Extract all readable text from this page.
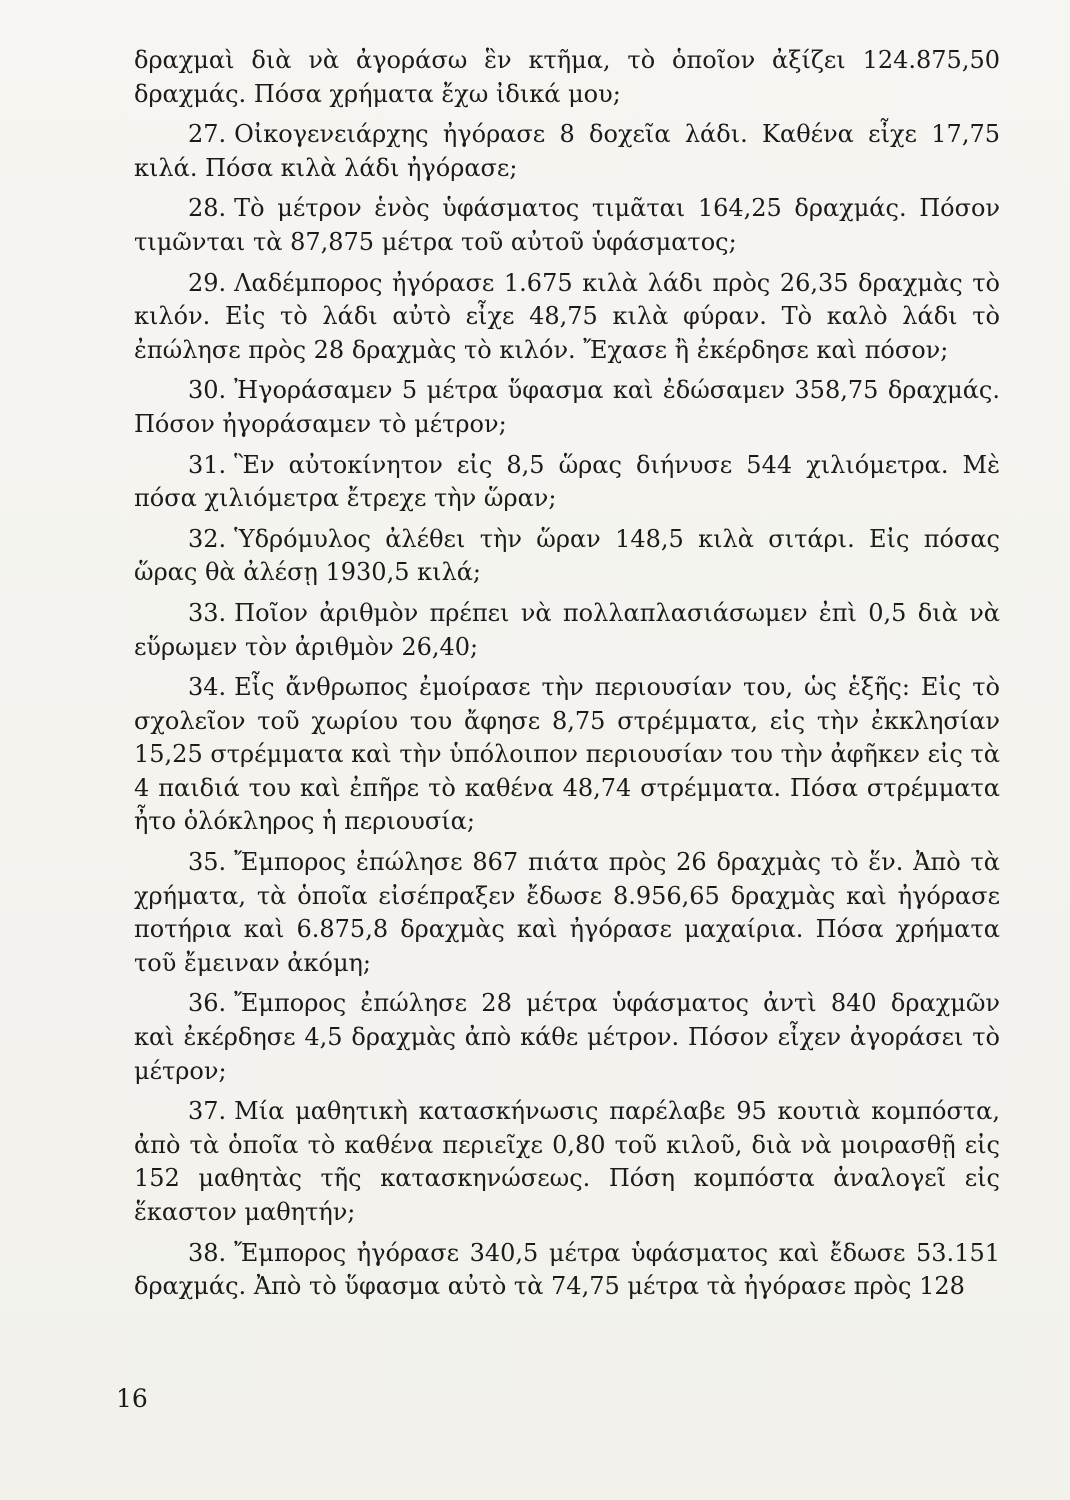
δραχμαὶ διὰ νὰ ἀγοράσω ἓν κτῆμα, τὸ ὁποῖον ἀξίζει 124.875,50 δραχμάς. Πόσα χρήματα ἔχω ἰδικά μου;

27. Οἰκογενειάρχης ἠγόρασε 8 δοχεῖα λάδι. Καθένα εἶχε 17,75 κιλά. Πόσα κιλὰ λάδι ἠγόρασε;

28. Τὸ μέτρον ἑνὸς ὑφάσματος τιμᾶται 164,25 δραχμάς. Πόσον τιμῶνται τὰ 87,875 μέτρα τοῦ αὐτοῦ ὑφάσματος;

29. Λαδέμπορος ἠγόρασε 1.675 κιλὰ λάδι πρὸς 26,35 δραχμὰς τὸ κιλόν. Εἰς τὸ λάδι αὐτὸ εἶχε 48,75 κιλὰ φύραν. Τὸ καλὸ λάδι τὸ ἐπώλησε πρὸς 28 δραχμὰς τὸ κιλόν. Ἔχασε ἢ ἐκέρδησε καὶ πόσον;

30. Ἠγοράσαμεν 5 μέτρα ὕφασμα καὶ ἐδώσαμεν 358,75 δραχμάς. Πόσον ἠγοράσαμεν τὸ μέτρον;

31. Ἓν αὐτοκίνητον εἰς 8,5 ὥρας διήνυσε 544 χιλιόμετρα. Μὲ πόσα χιλιόμετρα ἔτρεχε τὴν ὥραν;

32. Ὑδρόμυλος ἀλέθει τὴν ὥραν 148,5 κιλὰ σιτάρι. Εἰς πόσας ὥρας θὰ ἀλέσῃ 1930,5 κιλά;

33. Ποῖον ἀριθμὸν πρέπει νὰ πολλαπλασιάσωμεν ἐπὶ 0,5 διὰ νὰ εὕρωμεν τὸν ἀριθμὸν 26,40;

34. Εἷς ἄνθρωπος ἐμοίρασε τὴν περιουσίαν του, ὡς ἑξῆς: Εἰς τὸ σχολεῖον τοῦ χωρίου του ἄφησε 8,75 στρέμματα, εἰς τὴν ἐκκλησίαν 15,25 στρέμματα καὶ τὴν ὑπόλοιπον περιουσίαν του τὴν ἀφῆκεν εἰς τὰ 4 παιδιά του καὶ ἐπῆρε τὸ καθένα 48,74 στρέμματα. Πόσα στρέμματα ἦτο ὁλόκληρος ἡ περιουσία;

35. Ἔμπορος ἐπώλησε 867 πιάτα πρὸς 26 δραχμὰς τὸ ἕν. Ἀπὸ τὰ χρήματα, τὰ ὁποῖα εἰσέπραξεν ἔδωσε 8.956,65 δραχμὰς καὶ ἠγόρασε ποτήρια καὶ 6.875,8 δραχμὰς καὶ ἠγόρασε μαχαίρια. Πόσα χρήματα τοῦ ἔμειναν ἀκόμη;

36. Ἔμπορος ἐπώλησε 28 μέτρα ὑφάσματος ἀντὶ 840 δραχμῶν καὶ ἐκέρδησε 4,5 δραχμὰς ἀπὸ κάθε μέτρον. Πόσον εἶχεν ἀγοράσει τὸ μέτρον;

37. Μία μαθητικὴ κατασκήνωσις παρέλαβε 95 κουτιὰ κομπόστα, ἀπὸ τὰ ὁποῖα τὸ καθένα περιεῖχε 0,80 τοῦ κιλοῦ, διὰ νὰ μοιρασθῇ εἰς 152 μαθητὰς τῆς κατασκηνώσεως. Πόση κομπόστα ἀναλογεῖ εἰς ἕκαστον μαθητήν;

38. Ἔμπορος ἠγόρασε 340,5 μέτρα ὑφάσματος καὶ ἔδωσε 53.151 δραχμάς. Ἀπὸ τὸ ὕφασμα αὐτὸ τὰ 74,75 μέτρα τὰ ἠγόρασε πρὸς 128

16
